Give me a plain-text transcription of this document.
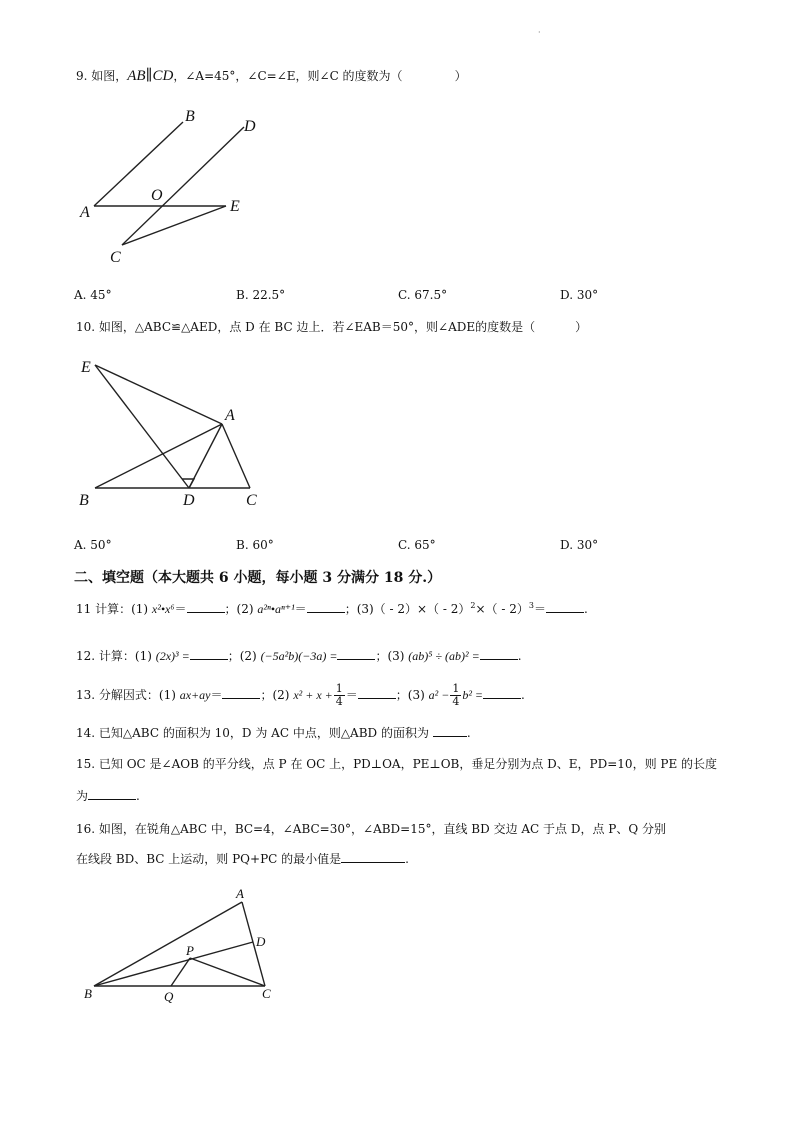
·
9. 如图，AB∥CD，∠A=45°，∠C=∠E，则∠C 的度数为（	）
B
D
A
O
E
C
A. 45°	B. 22.5°	C. 67.5°	D. 30°
10. 如图，△ABC≌△AED，点 D 在 BC 边上．若∠EAB＝50°，则∠ADE的度数是（	）
E
A
B	D	C
A. 50°	B. 60°	C. 65°	D. 30°
二、填空题（本大题共 6 小题，每小题 3 分满分 18 分.）
11 计算：(1) x²•x⁶＝	；(2) a²ⁿ•aⁿ⁺¹＝	；(3)（ - 2）×（ - 2）$^2$×（ - 2）$^3$＝	.
12. 计算：(1) (2x)³ =	；(2) (−5a²b)(−3a) =	；(3) (ab)⁵ ÷ (ab)² =	.
13. 分解因式：(1) ax+ay＝	；(2) $x^2 + x + \frac{1}{4}$ ＝	；(3) $a^2 - \frac{1}{4} b^2$ =	.
14. 已知△ABC 的面积为 10，D 为 AC 中点，则△ABD 的面积为	.
15. 已知 OC 是∠AOB 的平分线，点 P 在 OC 上，PD⊥OA，PE⊥OB，垂足分别为点 D、E，PD=10，则 PE 的长度
为	.
16. 如图，在锐角△ABC 中，BC=4，∠ABC=30°，∠ABD=15°，直线 BD 交边 AC 于点 D，点 P、Q 分别
在线段 BD、BC 上运动，则 PQ+PC 的最小值是	.
A
D
P
B	Q	C
